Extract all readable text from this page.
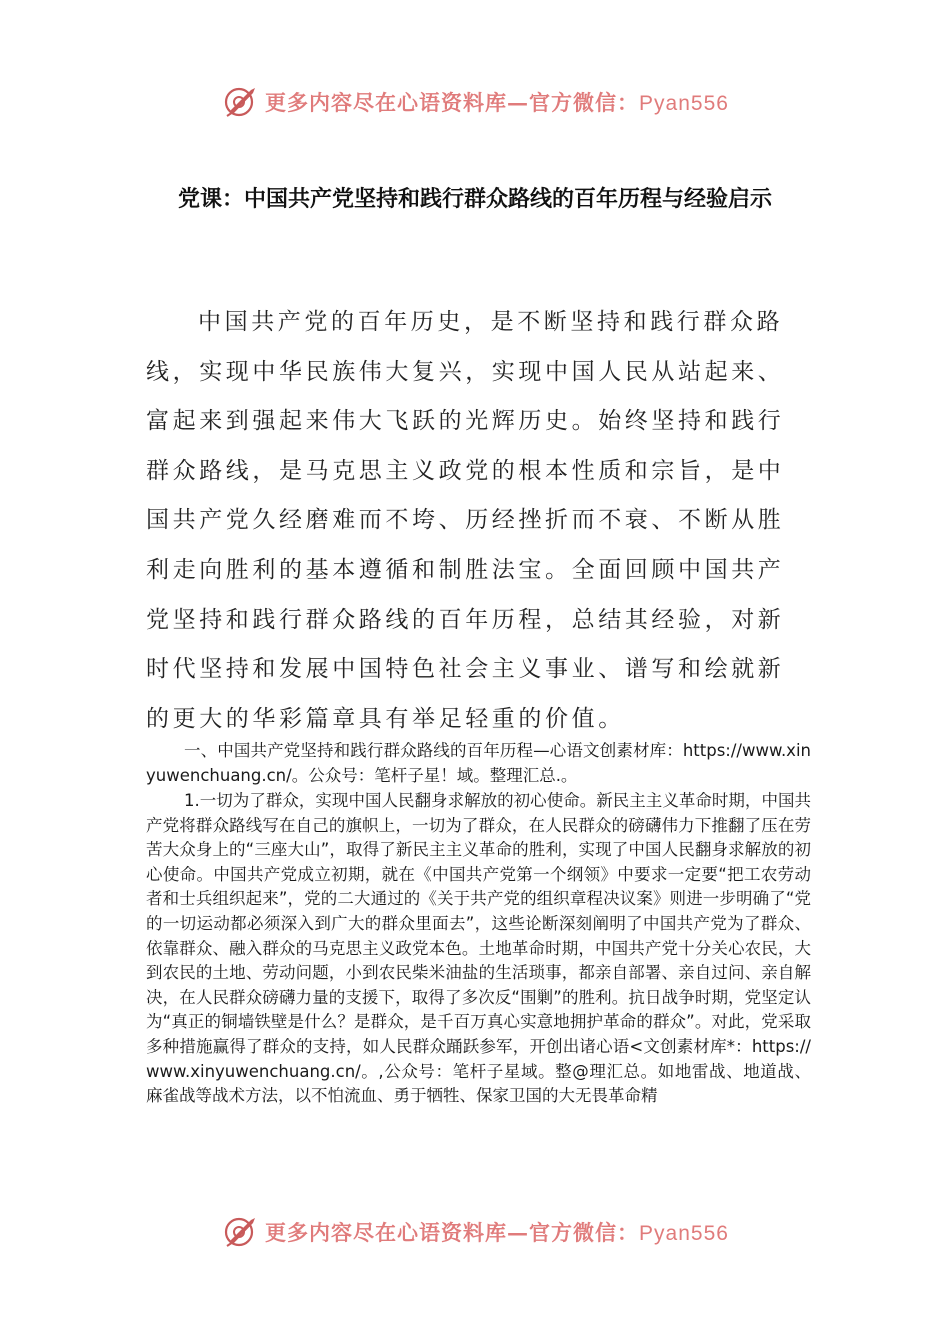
更多内容尽在心语资料库—官方微信：Pyan556
党课：中国共产党坚持和践行群众路线的百年历程与经验启示
中国共产党的百年历史，是不断坚持和践行群众路线，实现中华民族伟大复兴，实现中国人民从站起来、富起来到强起来伟大飞跃的光辉历史。始终坚持和践行群众路线，是马克思主义政党的根本性质和宗旨，是中国共产党久经磨难而不垮、历经挫折而不衰、不断从胜利走向胜利的基本遵循和制胜法宝。全面回顾中国共产党坚持和践行群众路线的百年历程，总结其经验，对新时代坚持和发展中国特色社会主义事业、谱写和绘就新的更大的华彩篇章具有举足轻重的价值。
一、中国共产党坚持和践行群众路线的百年历程—心语文创素材库：https://www.xinyuwenchuang.cn/。公众号：笔杆子星！域。整理汇总.。
1.一切为了群众，实现中国人民翻身求解放的初心使命。新民主主义革命时期，中国共产党将群众路线写在自己的旗帜上，一切为了群众，在人民群众的磅礴伟力下推翻了压在劳苦大众身上的“三座大山”，取得了新民主主义革命的胜利，实现了中国人民翻身求解放的初心使命。中国共产党成立初期，就在《中国共产党第一个纲领》中要求一定要“把工农劳动者和士兵组织起来”，党的二大通过的《关于共产党的组织章程决议案》则进一步明确了“党的一切运动都必须深入到广大的群众里面去”，这些论断深刻阐明了中国共产党为了群众、依靠群众、融入群众的马克思主义政党本色。土地革命时期，中国共产党十分关心农民，大到农民的土地、劳动问题，小到农民柴米油盐的生活琐事，都亲自部署、亲自过问、亲自解决，在人民群众磅礴力量的支援下，取得了多次反“围剿”的胜利。抗日战争时期，党坚定认为“真正的铜墙铁壁是什么？是群众，是千百万真心实意地拥护革命的群众”。对此，党采取多种措施赢得了群众的支持，如人民群众踊跃参军，开创出诸心语<文创素材库*：https://www.xinyuwenchuang.cn/。,公众号：笔杆子星域。整@理汇总。如地雷战、地道战、麻雀战等战术方法，以不怕流血、勇于牺牲、保家卫国的大无畏革命精
更多内容尽在心语资料库—官方微信：Pyan556
